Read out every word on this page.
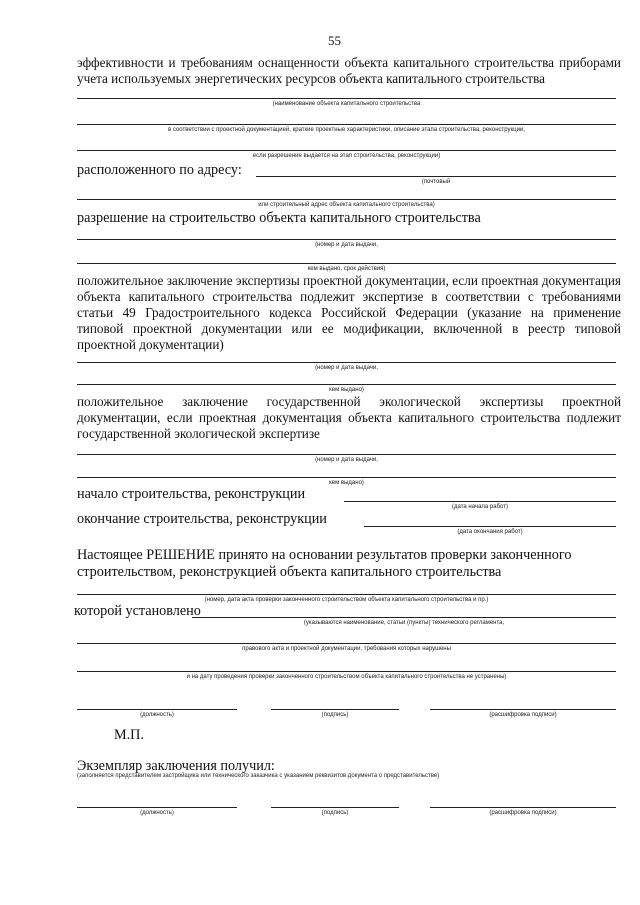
55
эффективности и требованиям оснащенности объекта капитального строительства приборами учета используемых энергетических ресурсов объекта капитального строительства
(наименование объекта капитального строительства
в соответствии с проектной документацией, краткие проектные характеристики, описание этапа строительства, реконструкции,
если разрешение выдается на этап строительства, реконструкции)
расположенного по адресу:
(почтовый
или строительный адрес объекта капитального строительства)
разрешение на строительство объекта капитального строительства
(номер и дата выдачи,
кем выдано, срок действия)
положительное заключение экспертизы проектной документации, если проектная документация объекта капитального строительства подлежит экспертизе в соответствии с требованиями статьи 49 Градостроительного кодекса Российской Федерации (указание на применение типовой проектной документации или ее модификации, включенной в реестр типовой проектной документации)
(номер и дата выдачи,
кем выдано)
положительное заключение государственной экологической экспертизы проектной документации, если проектная документация объекта капитального строительства подлежит государственной экологической экспертизе
(номер и дата выдачи,
кем выдано)
начало строительства, реконструкции
(дата начала работ)
окончание строительства, реконструкции
(дата окончания работ)
Настоящее РЕШЕНИЕ принято на основании результатов проверки законченного строительством, реконструкцией объекта капитального строительства
(номер, дата акта проверки законченного строительством объекта капитального строительства и пр.)
которой установлено
(указываются наименование, статьи (пункты) технического регламента,
правового акта и проектной документации, требования которых нарушены
и на дату проведения проверки законченного строительством объекта капитального строительства не устранены)
(должность)	(подпись)	(расшифровка подписи)
М.П.
Экземпляр заключения получил:
(заполняется представителем застройщика или технического заказчика с указанием реквизитов документа о представительстве)
(должность)	(подпись)	(расшифровка подписи)
